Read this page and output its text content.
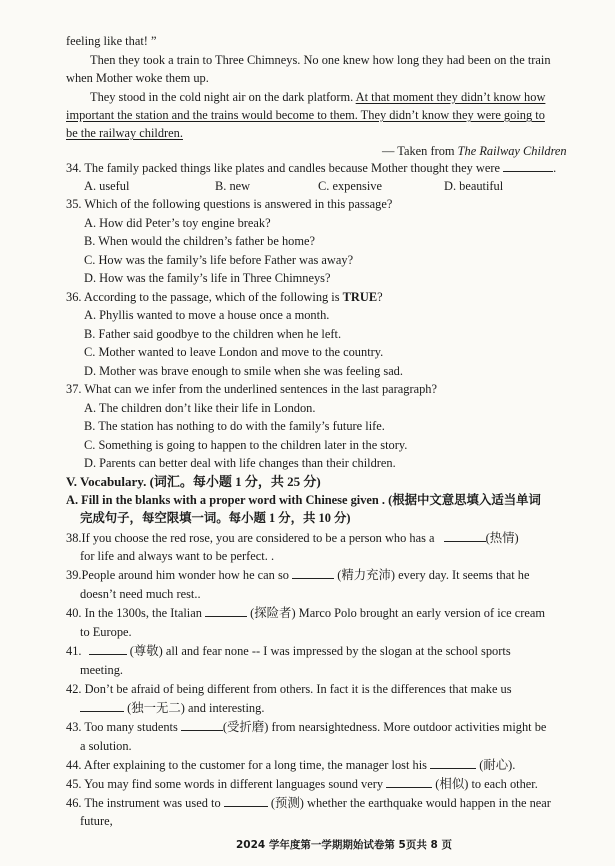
feeling like that! ”
Then they took a train to Three Chimneys. No one knew how long they had been on the train
when Mother woke them up.
They stood in the cold night air on the dark platform. At that moment they didn’t know how
important the station and the trains would become to them. They didn’t know they were going to
be the railway children.
— Taken from The Railway Children
34. The family packed things like plates and candles because Mother thought they were	.
A. useful	B. new	C. expensive	D. beautiful
35. Which of the following questions is answered in this passage?
A. How did Peter’s toy engine break?
B. When would the children’s father be home?
C. How was the family’s life before Father was away?
D. How was the family’s life in Three Chimneys?
36. According to the passage, which of the following is TRUE?
A. Phyllis wanted to move a house once a month.
B. Father said goodbye to the children when he left.
C. Mother wanted to leave London and move to the country.
D. Mother was brave enough to smile when she was feeling sad.
37. What can we infer from the underlined sentences in the last paragraph?
A. The children don’t like their life in London.
B. The station has nothing to do with the family’s future life.
C. Something is going to happen to the children later in the story.
D. Parents can better deal with life changes than their children.
V. Vocabulary. (词汇。每小题 1 分，共 25 分)
A. Fill in the blanks with a proper word with Chinese given . (根据中文意思填入适当单词
完成句子，每空限填一词。每小题 1 分，共 10 分)
38.If you choose the red rose, you are considered to be a person who has a	(热情)
for life and always want to be perfect. .
39.People around him wonder how he can so	(精力充沛) every day. It seems that he
doesn’t need much rest..
40. In the 1300s, the Italian	(探险者) Marco Polo brought an early version of ice cream
to Europe.
41.	(尊敬) all and fear none -- I was impressed by the slogan at the school sports
meeting.
42. Don’t be afraid of being different from others. In fact it is the differences that make us
(独一无二) and interesting.
43. Too many students	(受折磨) from nearsightedness. More outdoor activities might be
a solution.
44. After explaining to the customer for a long time, the manager lost his	(耐心).
45. You may find some words in different languages sound very	(相似) to each other.
46. The instrument was used to	(预测) whether the earthquake would happen in the near
future,
2024 学年度第一学期期始试卷第 5页共 8 页
